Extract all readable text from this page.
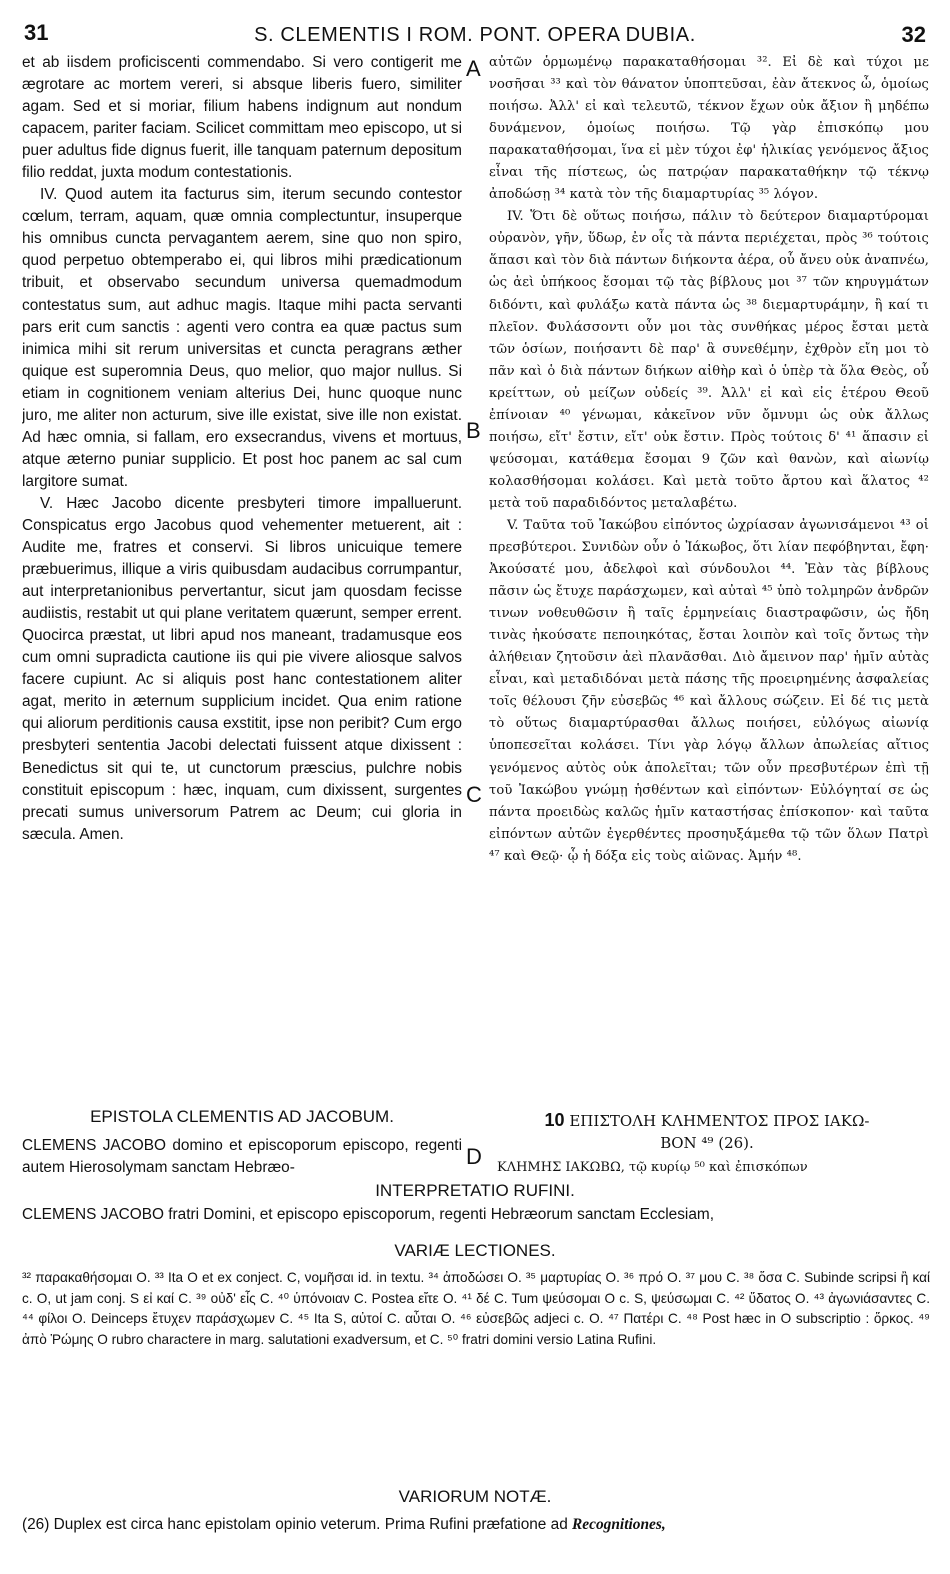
31	S. CLEMENTIS I ROM. PONT. OPERA DUBIA.	32
A
B
C
D

et ab iisdem proficiscenti commendabo. Si vero contigerit me ægrotare ac mortem vereri, si absque liberis fuero, similiter agam. Sed et si moriar, filium habens indignum aut nondum capacem, pariter faciam. Scilicet committam meo episcopo, ut si puer adultus fide dignus fuerit, ille tanquam paternum depositum filio reddat, juxta modum contestationis.

IV. Quod autem ita facturus sim, iterum secundo contestor cœlum, terram, aquam, quæ omnia complectuntur, insuperque his omnibus cuncta pervagantem aerem, sine quo non spiro, quod perpetuo obtemperabo ei, qui libros mihi prædicationum tribuit, et observabo secundum universa quemadmodum contestatus sum, aut adhuc magis. Itaque mihi pacta servanti pars erit cum sanctis : agenti vero contra ea quæ pactus sum inimica mihi sit rerum universitas et cuncta peragrans æther quique est superomnia Deus, quo melior, quo major nullus. Si etiam in cognitionem veniam alterius Dei, hunc quoque nunc juro, me aliter non acturum, sive ille existat, sive ille non existat. Ad hæc omnia, si fallam, ero exsecrandus, vivens et mortuus, atque æterno puniar supplicio. Et post hoc panem ac sal cum largitore sumat.

V. Hæc Jacobo dicente presbyteri timore impalluerunt. Conspicatus ergo Jacobus quod vehementer metuerent, ait : Audite me, fratres et conservi. Si libros unicuique temere præbuerimus, illique a viris quibusdam audacibus corrumpantur, aut interpretanionibus pervertantur, sicut jam quosdam fecisse audiistis, restabit ut qui plane veritatem quærunt, semper errent. Quocirca præstat, ut libri apud nos maneant, tradamusque eos cum omni supradicta cautione iis qui pie vivere aliosque salvos facere cupiunt. Ac si aliquis post hanc contestationem aliter agat, merito in æternum supplicium incidet. Qua enim ratione qui aliorum perditionis causa exstitit, ipse non peribit? Cum ergo presbyteri sententia Jacobi delectati fuissent atque dixissent : Benedictus sit qui te, ut cunctorum præscius, pulchre nobis constituit episcopum : hæc, inquam, cum dixissent, surgentes precati sumus universorum Patrem ac Deum; cui gloria in sæcula. Amen.

αὐτῶν ὁρμωμένῳ παρακαταθήσομαι ³². Εἰ δὲ καὶ τύχοι με νοσῆσαι ³³ καὶ τὸν θάνατον ὑποπτεῦσαι, ἐὰν ἄτεκνος ὦ, ὁμοίως ποιήσω. Ἀλλ' εἰ καὶ τελευτῶ, τέκνον ἔχων οὐκ ἄξιον ἢ μηδέπω δυνάμενον, ὁμοίως ποιήσω. Τῷ γὰρ ἐπισκόπῳ μου παρακαταθήσομαι, ἵνα εἰ μὲν τύχοι ἐφ' ἡλικίας γενόμενος ἄξιος εἶναι τῆς πίστεως, ὡς πατρῴαν παρακαταθήκην τῷ τέκνῳ ἀποδώσῃ ³⁴ κατὰ τὸν τῆς διαμαρτυρίας ³⁵ λόγον.

IV. Ὅτι δὲ οὕτως ποιήσω, πάλιν τὸ δεύτερον διαμαρτύρομαι οὐρανὸν, γῆν, ὕδωρ, ἐν οἷς τὰ πάντα περιέχεται, πρὸς ³⁶ τούτοις ἅπασι καὶ τὸν διὰ πάντων διήκοντα ἀέρα, οὗ ἄνευ οὐκ ἀναπνέω, ὡς ἀεὶ ὑπήκοος ἔσομαι τῷ τὰς βίβλους μοι ³⁷ τῶν κηρυγμάτων διδόντι, καὶ φυλάξω κατὰ πάντα ὡς ³⁸ διεμαρτυράμην, ἢ καί τι πλεῖον. Φυλάσσοντι οὖν μοι τὰς συνθήκας μέρος ἔσται μετὰ τῶν ὁσίων, ποιήσαντι δὲ παρ' ἃ συνεθέμην, ἐχθρὸν εἴη μοι τὸ πᾶν καὶ ὁ διὰ πάντων διήκων αἰθὴρ καὶ ὁ ὑπὲρ τὰ ὅλα Θεὸς, οὗ κρείττων, οὐ μείζων οὐδείς ³⁹. Ἀλλ' εἰ καὶ εἰς ἑτέρου Θεοῦ ἐπίνοιαν ⁴⁰ γένωμαι, κἀκεῖνον νῦν ὄμνυμι ὡς οὐκ ἄλλως ποιήσω, εἴτ' ἔστιν, εἴτ' οὐκ ἔστιν. Πρὸς τούτοις δ' ⁴¹ ἅπασιν εἰ ψεύσομαι, κατάθεμα ἔσομαι 9 ζῶν καὶ θανὼν, καὶ αἰωνίῳ κολασθήσομαι κολάσει. Καὶ μετὰ τοῦτο ἄρτου καὶ ἅλατος ⁴² μετὰ τοῦ παραδιδόντος μεταλαβέτω.

V. Ταῦτα τοῦ Ἰακώβου εἰπόντος ὠχρίασαν ἀγωνισάμενοι ⁴³ οἱ πρεσβύτεροι. Συνιδὼν οὖν ὁ Ἰάκωβος, ὅτι λίαν πεφόβηνται, ἔφη· Ἀκούσατέ μου, ἀδελφοὶ καὶ σύνδουλοι ⁴⁴. Ἐὰν τὰς βίβλους πᾶσιν ὡς ἔτυχε παράσχωμεν, καὶ αὐταὶ ⁴⁵ ὑπὸ τολμηρῶν ἀνδρῶν τινων νοθευθῶσιν ἢ ταῖς ἑρμηνείαις διαστραφῶσιν, ὡς ἤδη τινὰς ἠκούσατε πεποιηκότας, ἔσται λοιπὸν καὶ τοῖς ὄντως τὴν ἀλήθειαν ζητοῦσιν ἀεὶ πλανᾶσθαι. Διὸ ἄμεινον παρ' ἡμῖν αὐτὰς εἶναι, καὶ μεταδιδόναι μετὰ πάσης τῆς προειρημένης ἀσφαλείας τοῖς θέλουσι ζῆν εὐσεβῶς ⁴⁶ καὶ ἄλλους σώζειν. Εἰ δέ τις μετὰ τὸ οὕτως διαμαρτύρασθαι ἄλλως ποιήσει, εὐλόγως αἰωνίᾳ ὑποπεσεῖται κολάσει. Τίνι γὰρ λόγῳ ἄλλων ἀπωλείας αἴτιος γενόμενος αὐτὸς οὐκ ἀπολεῖται; τῶν οὖν πρεσβυτέρων ἐπὶ τῇ τοῦ Ἰακώβου γνώμῃ ἡσθέντων καὶ εἰπόντων· Εὐλόγηταί σε ὡς πάντα προειδὼς καλῶς ἡμῖν καταστήσας ἐπίσκοπον· καὶ ταῦτα εἰπόντων αὐτῶν ἐγερθέντες προσηυξάμεθα τῷ τῶν ὅλων Πατρὶ ⁴⁷ καὶ Θεῷ· ᾧ ἡ δόξα εἰς τοὺς αἰῶνας. Ἀμήν ⁴⁸.

EPISTOLA CLEMENTIS AD JACOBUM.
CLEMENS JACOBO domino et episcoporum episcopo, regenti autem Hierosolymam sanctam Hebræo-
10 ΕΠΙΣΤΟΛΗ ΚΛΗΜΕΝΤΟΣ ΠΡΟΣ ΙΑΚΩ-
ΒΟΝ ⁴⁹ (26).
ΚΛΗΜΗΣ ΙΑΚΩΒΩ, τῷ κυρίῳ ⁵⁰ καὶ ἐπισκόπων
INTERPRETATIO RUFINI.
CLEMENS JACOBO fratri Domini, et episcopo episcoporum, regenti Hebræorum sanctam Ecclesiam,
VARIÆ LECTIONES.
³² παρακαθήσομαι O. ³³ Ita O et ex conject. C, νομῆσαι id. in textu. ³⁴ ἀποδώσει O. ³⁵ μαρτυρίας O. ³⁶ πρό O. ³⁷ μου C. ³⁸ ὅσα C. Subinde scripsi ἢ καί c. O, ut jam conj. S εἰ καί C. ³⁹ οὐδ' εἷς C. ⁴⁰ ὑπόνοιαν C. Postea εἴτε O. ⁴¹ δέ C. Tum ψεύσομαι O c. S, ψεύσωμαι C. ⁴² ὕδατος O. ⁴³ ἀγωνιάσαντες C. ⁴⁴ φίλοι O. Deinceps ἔτυχεν παράσχωμεν C. ⁴⁵ Ita S, αὐτοί C. αὗται O. ⁴⁶ εὐσεβῶς adjeci c. O. ⁴⁷ Πατέρι C. ⁴⁸ Post hæc in O subscriptio : ὅρκος. ⁴⁹ ἀπὸ Ῥώμης O rubro charactere in marg. salutationi exadversum, et C. ⁵⁰ fratri domini versio Latina Rufini.
VARIORUM NOTÆ.
(26) Duplex est circa hanc epistolam opinio veterum. Prima Rufini præfatione ad Recognitiones,
